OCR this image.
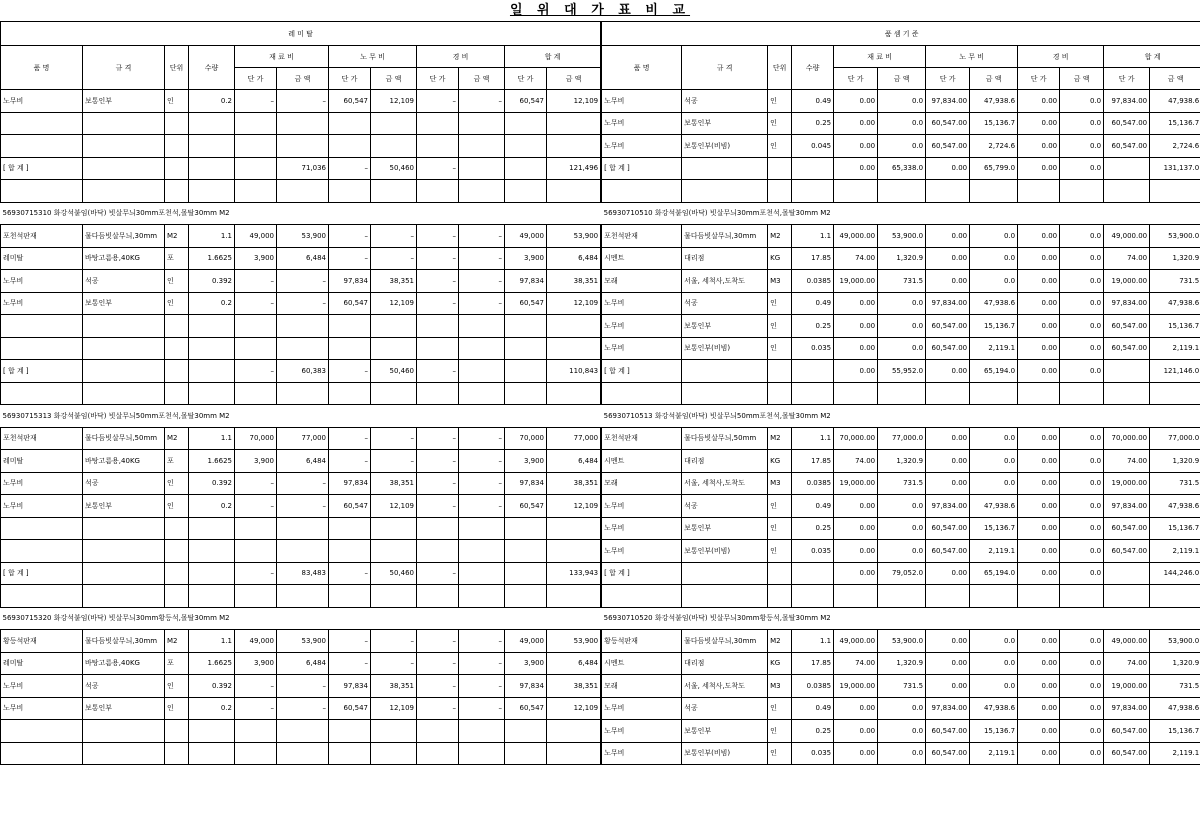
일 위 대 가 표 비 교
레 미 탈											
품 명	규 격	단위	수량	재 료 비		노 무 비		경 비		합 계	
				단 가	금 액	단 가	금 액	단 가	금 액	단 가	금 액
노무비	보통인부	인	0.2	–	–	60,547	12,109	–	–	60,547	12,109

[ 합 계 ]					71,036	–	50,460	–			121,496

56930715310 화강석붙임(바닥) 빗살무늬30mm포천석,몰탈30mm M2											
포천석판재	물다듬빗살무늬,30mm	M2	1.1	49,000	53,900	–	–	–	–	49,000	53,900
레미탈	바탕고름용,40KG	포	1.6625	3,900	6,484	–	–	–	–	3,900	6,484
노무비	석공	인	0.392	–	–	97,834	38,351	–	–	97,834	38,351
노무비	보통인부	인	0.2	–	–	60,547	12,109	–	–	60,547	12,109

[ 합 계 ]				–	60,383	–	50,460	–			110,843

56930715313 화강석붙임(바닥) 빗살무늬50mm포천석,몰탈30mm M2											
포천석판재	물다듬빗살무늬,50mm	M2	1.1	70,000	77,000	–	–	–	–	70,000	77,000
레미탈	바탕고름용,40KG	포	1.6625	3,900	6,484	–	–	–	–	3,900	6,484
노무비	석공	인	0.392	–	–	97,834	38,351	–	–	97,834	38,351
노무비	보통인부	인	0.2	–	–	60,547	12,109	–	–	60,547	12,109

[ 합 계 ]				–	83,483	–	50,460	–			133,943

56930715320 화강석붙임(바닥) 빗살무늬30mm황등석,몰탈30mm M2											
황등석판재	물다듬빗살무늬,30mm	M2	1.1	49,000	53,900	–	–	–	–	49,000	53,900
레미탈	바탕고름용,40KG	포	1.6625	3,900	6,484	–	–	–	–	3,900	6,484
노무비	석공	인	0.392	–	–	97,834	38,351	–	–	97,834	38,351
노무비	보통인부	인	0.2	–	–	60,547	12,109	–	–	60,547	12,109

품 셈 기 준											
품 명	규 격	단위	수량	재 료 비		노 무 비		경 비		합 계	
				단 가	금 액	단 가	금 액	단 가	금 액	단 가	금 액
노무비	석공	인	0.49	0.00	0.0	97,834.00	47,938.6	0.00	0.0	97,834.00	47,938.6
노무비	보통인부	인	0.25	0.00	0.0	60,547.00	15,136.7	0.00	0.0	60,547.00	15,136.7
노무비	보통인부(비빔)	인	0.045	0.00	0.0	60,547.00	2,724.6	0.00	0.0	60,547.00	2,724.6
[ 합 계 ]				0.00	65,338.0	0.00	65,799.0	0.00	0.0		131,137.0

56930710510 화강석붙임(바닥) 빗살무늬30mm포천석,몰탈30mm M2											
포천석판재	물다듬빗살무늬,30mm	M2	1.1	49,000.00	53,900.0	0.00	0.0	0.00	0.0	49,000.00	53,900.0
시멘트	대리점	KG	17.85	74.00	1,320.9	0.00	0.0	0.00	0.0	74.00	1,320.9
모래	서울, 세척사,도착도	M3	0.0385	19,000.00	731.5	0.00	0.0	0.00	0.0	19,000.00	731.5
노무비	석공	인	0.49	0.00	0.0	97,834.00	47,938.6	0.00	0.0	97,834.00	47,938.6
노무비	보통인부	인	0.25	0.00	0.0	60,547.00	15,136.7	0.00	0.0	60,547.00	15,136.7
노무비	보통인부(비빔)	인	0.035	0.00	0.0	60,547.00	2,119.1	0.00	0.0	60,547.00	2,119.1
[ 합 계 ]				0.00	55,952.0	0.00	65,194.0	0.00	0.0		121,146.0

56930710513 화강석붙임(바닥) 빗살무늬50mm포천석,몰탈30mm M2											
포천석판재	물다듬빗살무늬,50mm	M2	1.1	70,000.00	77,000.0	0.00	0.0	0.00	0.0	70,000.00	77,000.0
시멘트	대리점	KG	17.85	74.00	1,320.9	0.00	0.0	0.00	0.0	74.00	1,320.9
모래	서울, 세척사,도착도	M3	0.0385	19,000.00	731.5	0.00	0.0	0.00	0.0	19,000.00	731.5
노무비	석공	인	0.49	0.00	0.0	97,834.00	47,938.6	0.00	0.0	97,834.00	47,938.6
노무비	보통인부	인	0.25	0.00	0.0	60,547.00	15,136.7	0.00	0.0	60,547.00	15,136.7
노무비	보통인부(비빔)	인	0.035	0.00	0.0	60,547.00	2,119.1	0.00	0.0	60,547.00	2,119.1
[ 합 계 ]				0.00	79,052.0	0.00	65,194.0	0.00	0.0		144,246.0

56930710520 화강석붙임(바닥) 빗살무늬30mm황등석,몰탈30mm M2											
황등석판재	물다듬빗살무늬,30mm	M2	1.1	49,000.00	53,900.0	0.00	0.0	0.00	0.0	49,000.00	53,900.0
시멘트	대리점	KG	17.85	74.00	1,320.9	0.00	0.0	0.00	0.0	74.00	1,320.9
모래	서울, 세척사,도착도	M3	0.0385	19,000.00	731.5	0.00	0.0	0.00	0.0	19,000.00	731.5
노무비	석공	인	0.49	0.00	0.0	97,834.00	47,938.6	0.00	0.0	97,834.00	47,938.6
노무비	보통인부	인	0.25	0.00	0.0	60,547.00	15,136.7	0.00	0.0	60,547.00	15,136.7
노무비	보통인부(비빔)	인	0.035	0.00	0.0	60,547.00	2,119.1	0.00	0.0	60,547.00	2,119.1
